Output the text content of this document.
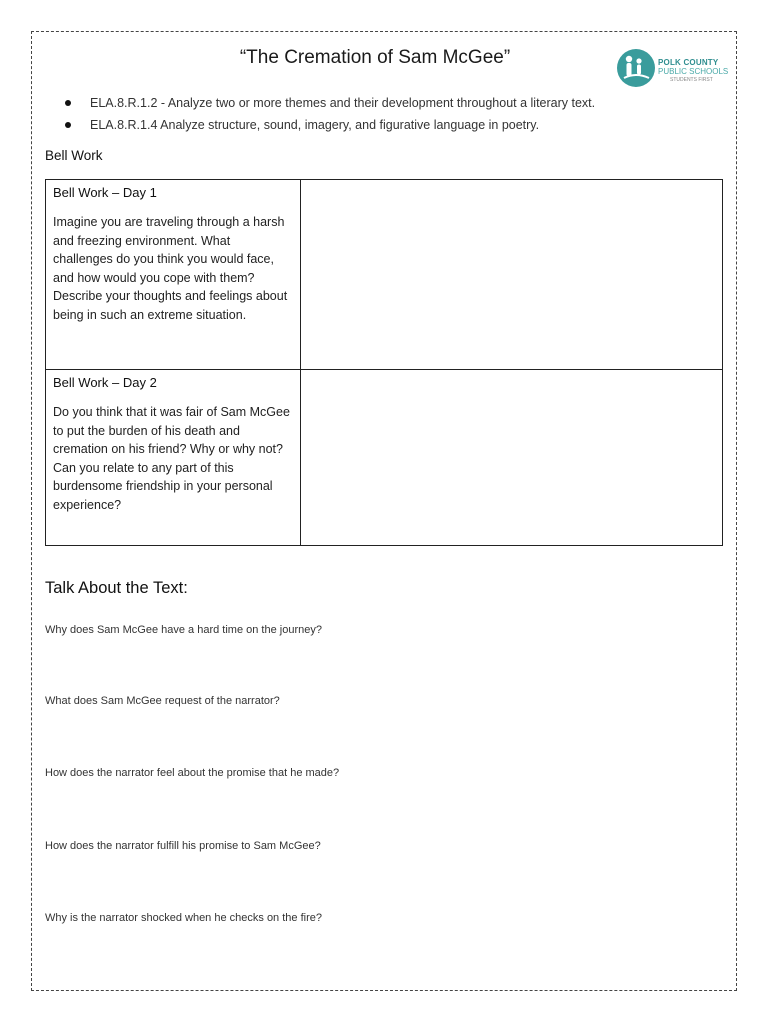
“The Cremation of Sam McGee”	POLK COUNTY
PUBLIC SCHOOLS
STUDENTS FIRST
ELA.8.R.1.2 - Analyze two or more themes and their development throughout a literary text.
ELA.8.R.1.4 Analyze structure, sound, imagery, and figurative language in poetry.
Bell Work
Bell Work – Day 1
Imagine you are traveling through a harsh and freezing environment. What challenges do you think you would face, and how would you cope with them? Describe your thoughts and feelings about being in such an extreme situation.	

Bell Work – Day 2
Do you think that it was fair of Sam McGee to put the burden of his death and cremation on his friend? Why or why not? Can you relate to any part of this burdensome friendship in your personal experience?	

Talk About the Text:
Why does Sam McGee have a hard time on the journey?
What does Sam McGee request of the narrator?
How does the narrator feel about the promise that he made?
How does the narrator fulfill his promise to Sam McGee?
Why is the narrator shocked when he checks on the fire?
